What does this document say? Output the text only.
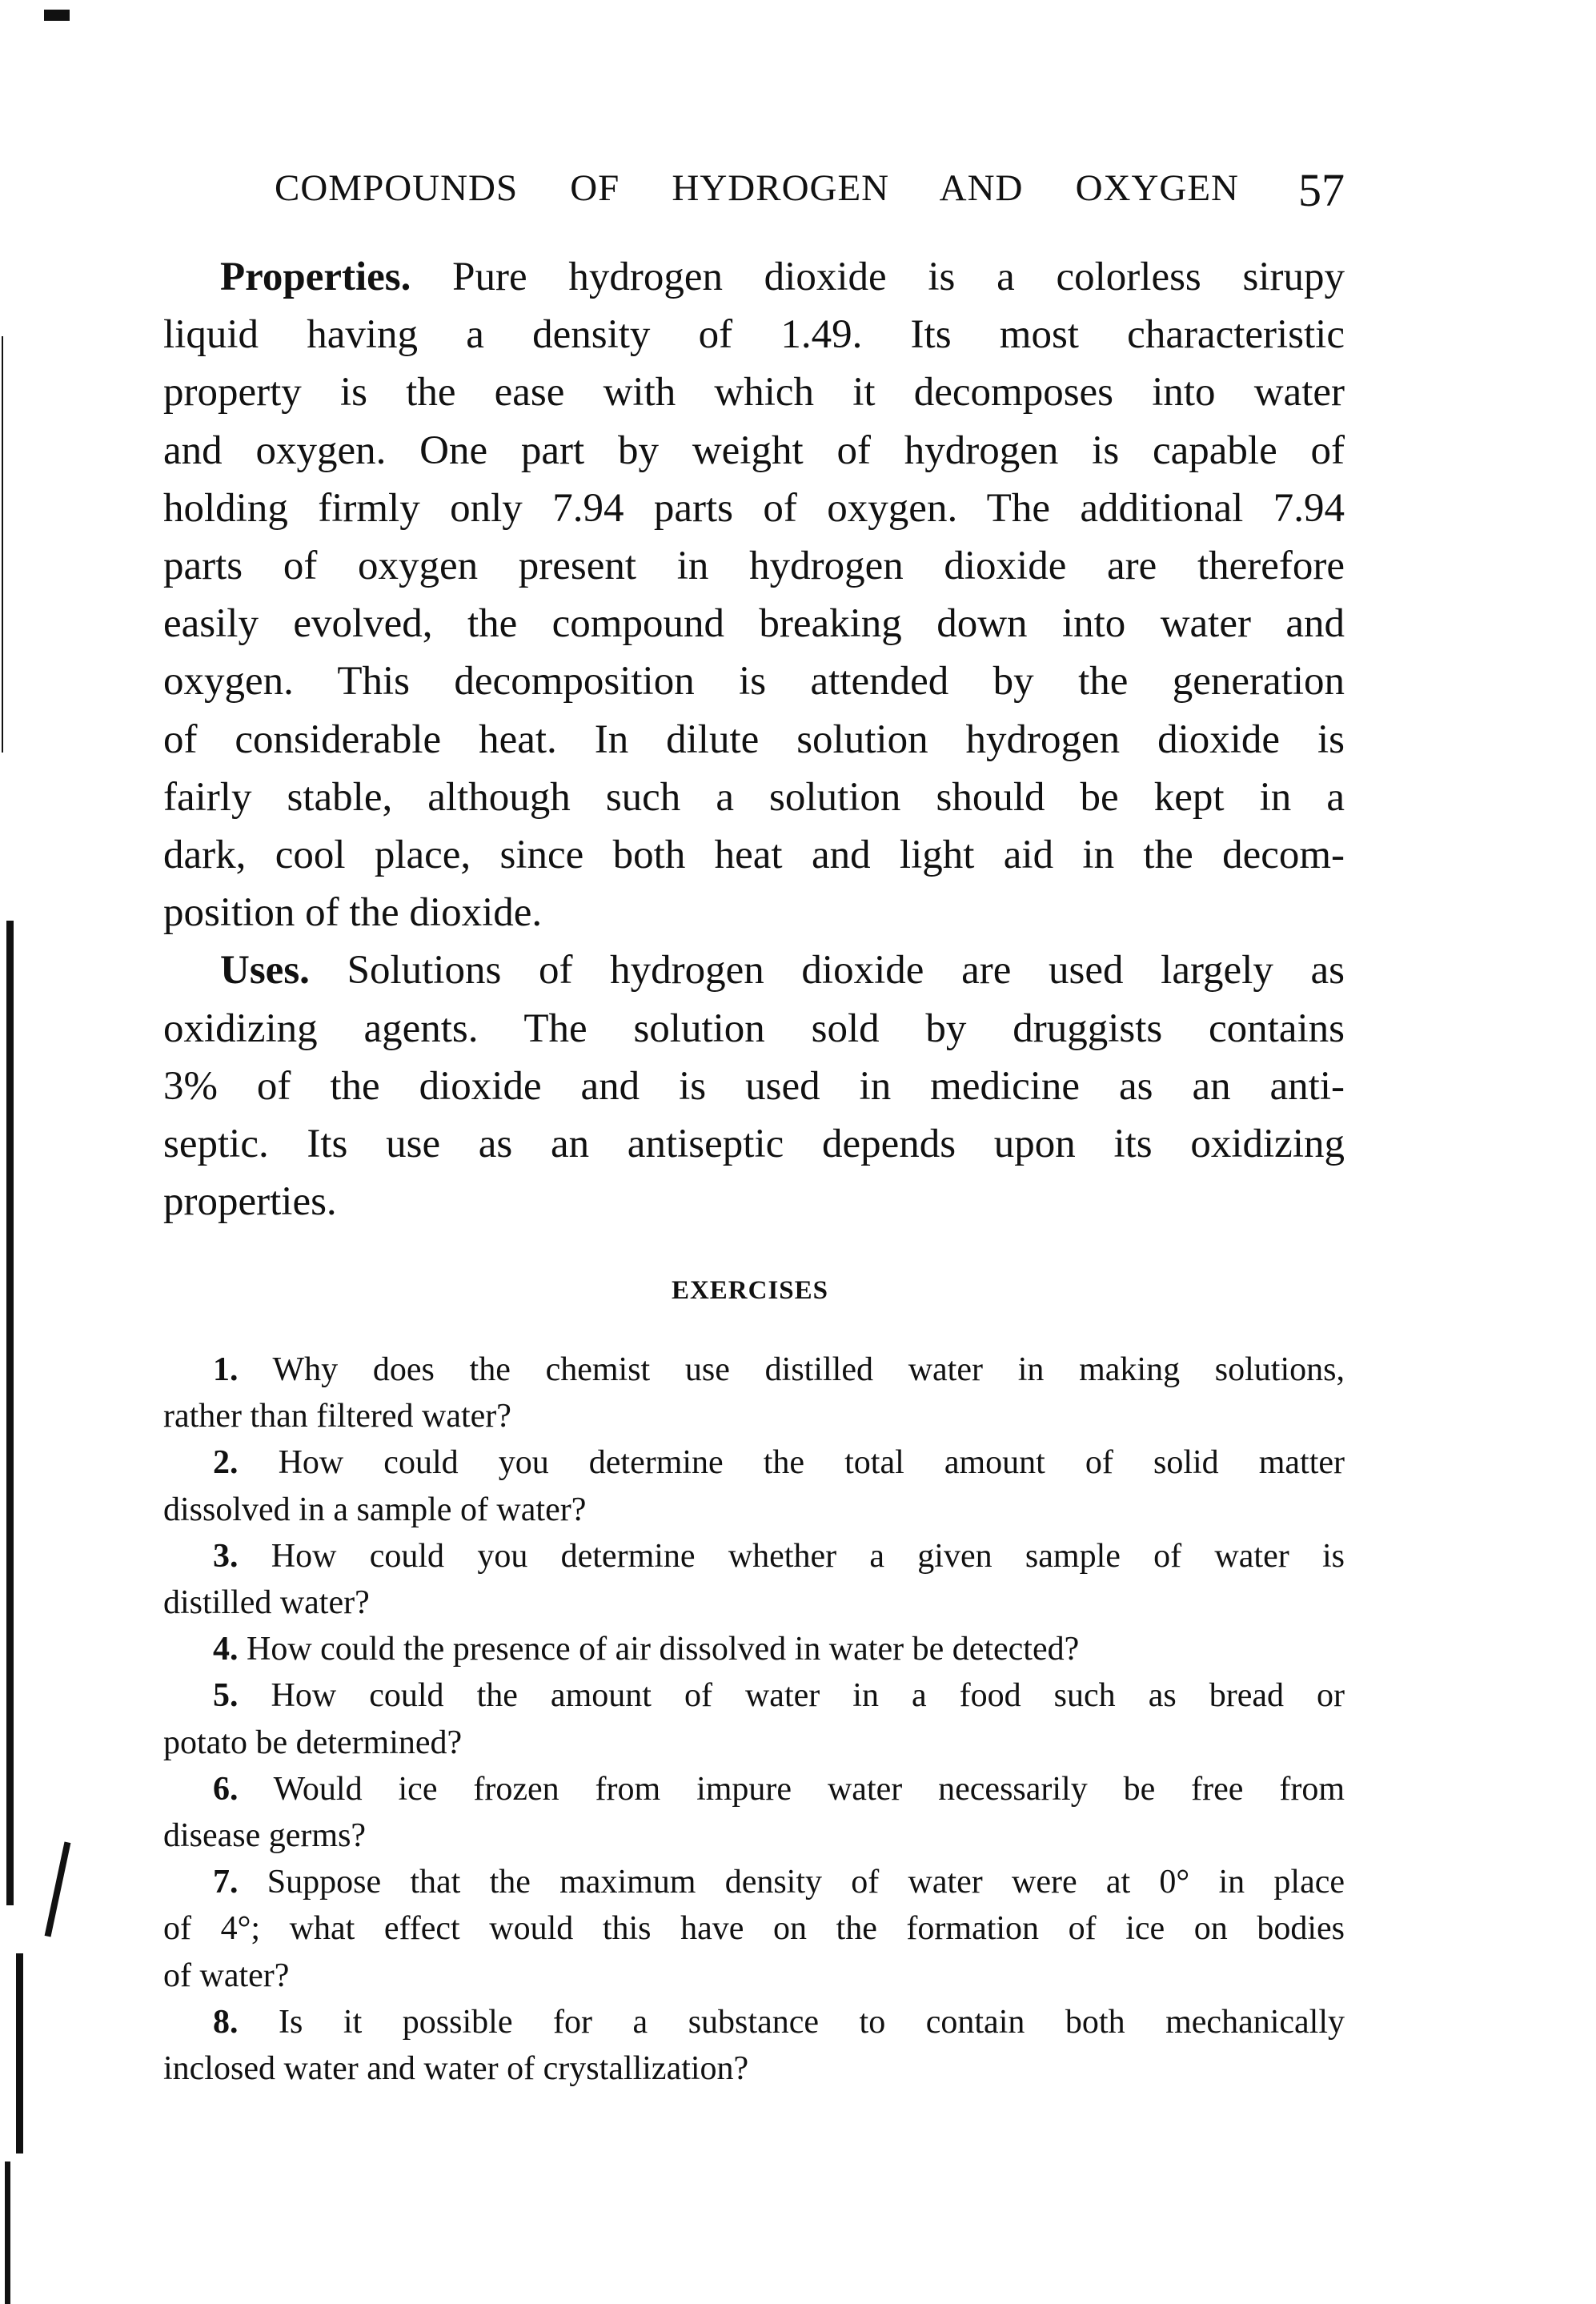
COMPOUNDS OF HYDROGEN AND OXYGEN 57
Properties. Pure hydrogen dioxide is a colorless sirupy
liquid having a density of 1.49. Its most characteristic
property is the ease with which it decomposes into water
and oxygen. One part by weight of hydrogen is capable of
holding firmly only 7.94 parts of oxygen. The additional 7.94
parts of oxygen present in hydrogen dioxide are therefore
easily evolved, the compound breaking down into water and
oxygen. This decomposition is attended by the generation
of considerable heat. In dilute solution hydrogen dioxide is
fairly stable, although such a solution should be kept in a
dark, cool place, since both heat and light aid in the decom-
position of the dioxide.
Uses. Solutions of hydrogen dioxide are used largely as
oxidizing agents. The solution sold by druggists contains
3% of the dioxide and is used in medicine as an anti-
septic. Its use as an antiseptic depends upon its oxidizing
properties.
EXERCISES
1. Why does the chemist use distilled water in making solutions,
rather than filtered water?
2. How could you determine the total amount of solid matter
dissolved in a sample of water?
3. How could you determine whether a given sample of water is
distilled water?
4. How could the presence of air dissolved in water be detected?
5. How could the amount of water in a food such as bread or
potato be determined?
6. Would ice frozen from impure water necessarily be free from
disease germs?
7. Suppose that the maximum density of water were at 0° in place
of 4°; what effect would this have on the formation of ice on bodies
of water?
8. Is it possible for a substance to contain both mechanically
inclosed water and water of crystallization?
